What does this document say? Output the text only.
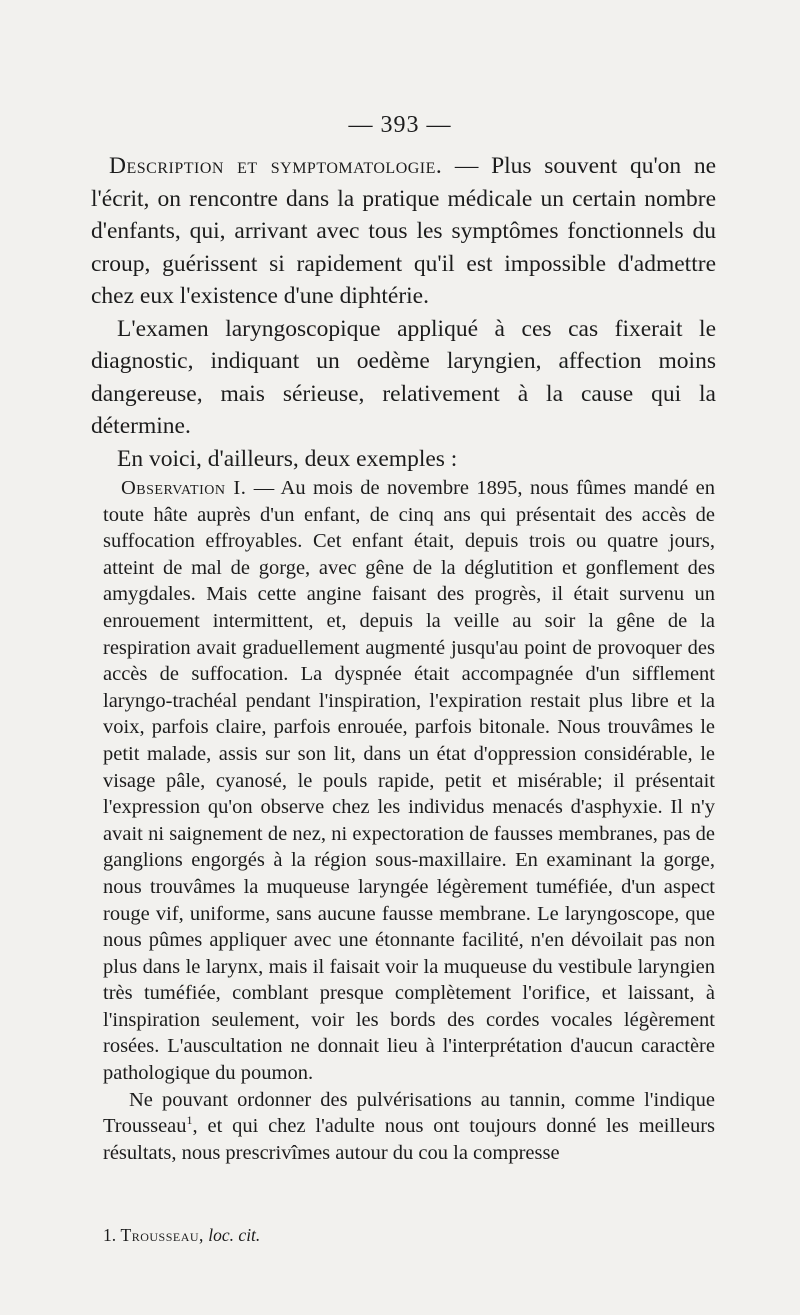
— 393 —

Description et symptomatologie. — Plus souvent qu'on ne l'écrit, on rencontre dans la pratique médicale un certain nombre d'enfants, qui, arrivant avec tous les symptômes fonctionnels du croup, guérissent si rapidement qu'il est impossible d'admettre chez eux l'existence d'une diphtérie.

L'examen laryngoscopique appliqué à ces cas fixerait le diagnostic, indiquant un oedème laryngien, affection moins dangereuse, mais sérieuse, relativement à la cause qui la détermine.

En voici, d'ailleurs, deux exemples :

Observation I. — Au mois de novembre 1895, nous fûmes mandé en toute hâte auprès d'un enfant, de cinq ans qui présentait des accès de suffocation effroyables. Cet enfant était, depuis trois ou quatre jours, atteint de mal de gorge, avec gêne de la déglutition et gonflement des amygdales. Mais cette angine faisant des progrès, il était survenu un enrouement intermittent, et, depuis la veille au soir la gêne de la respiration avait graduellement augmenté jusqu'au point de provoquer des accès de suffocation. La dyspnée était accompagnée d'un sifflement laryngo-trachéal pendant l'inspiration, l'expiration restait plus libre et la voix, parfois claire, parfois enrouée, parfois bitonale. Nous trouvâmes le petit malade, assis sur son lit, dans un état d'oppression considérable, le visage pâle, cyanosé, le pouls rapide, petit et misérable; il présentait l'expression qu'on observe chez les individus menacés d'asphyxie. Il n'y avait ni saignement de nez, ni expectoration de fausses membranes, pas de ganglions engorgés à la région sous-maxillaire. En examinant la gorge, nous trouvâmes la muqueuse laryngée légèrement tuméfiée, d'un aspect rouge vif, uniforme, sans aucune fausse membrane. Le laryngoscope, que nous pûmes appliquer avec une étonnante facilité, n'en dévoilait pas non plus dans le larynx, mais il faisait voir la muqueuse du vestibule laryngien très tuméfiée, comblant presque complètement l'orifice, et laissant, à l'inspiration seulement, voir les bords des cordes vocales légèrement rosées. L'auscultation ne donnait lieu à l'interprétation d'aucun caractère pathologique du poumon.

Ne pouvant ordonner des pulvérisations au tannin, comme l'indique Trousseau$^1$, et qui chez l'adulte nous ont toujours donné les meilleurs résultats, nous prescrivîmes autour du cou la compresse

1. Trousseau, loc. cit.
